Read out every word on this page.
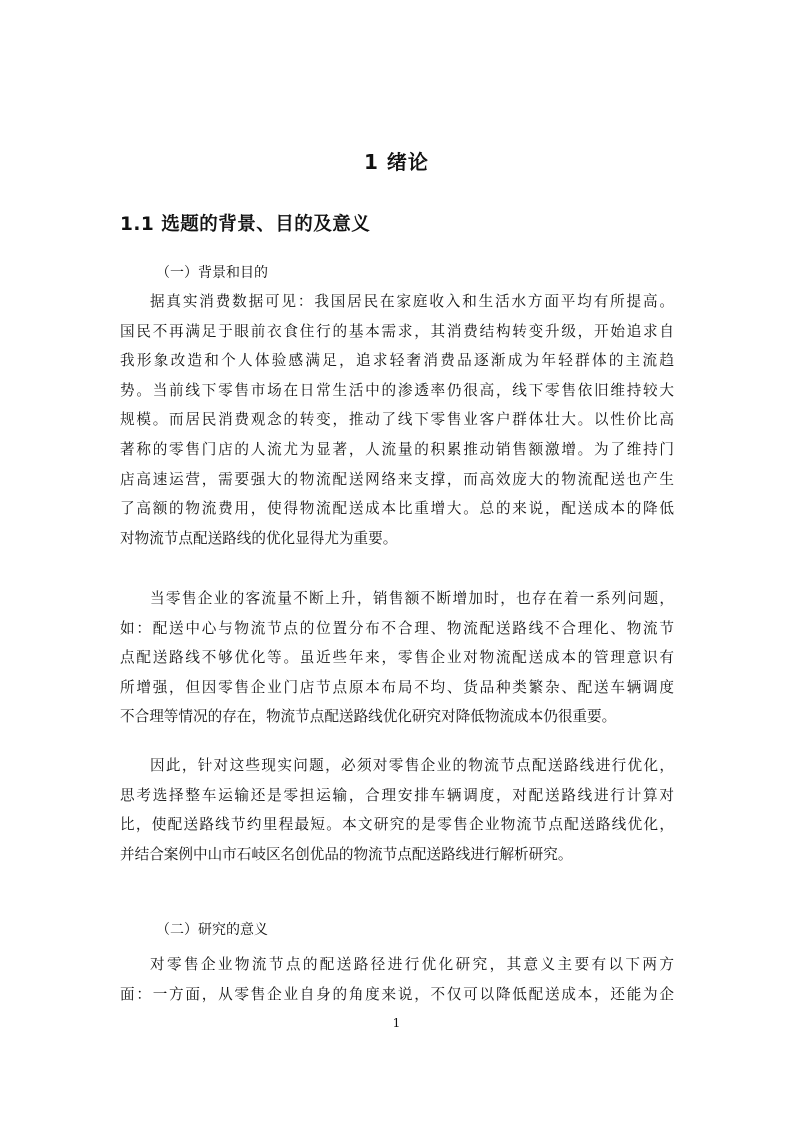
1 绪论
1.1 选题的背景、目的及意义
（一）背景和目的
据真实消费数据可见：我国居民在家庭收入和生活水方面平均有所提高。
国民不再满足于眼前衣食住行的基本需求，其消费结构转变升级，开始追求自
我形象改造和个人体验感满足，追求轻奢消费品逐渐成为年轻群体的主流趋
势。当前线下零售市场在日常生活中的渗透率仍很高，线下零售依旧维持较大
规模。而居民消费观念的转变，推动了线下零售业客户群体壮大。以性价比高
著称的零售门店的人流尤为显著，人流量的积累推动销售额激增。为了维持门
店高速运营，需要强大的物流配送网络来支撑，而高效庞大的物流配送也产生
了高额的物流费用，使得物流配送成本比重增大。总的来说，配送成本的降低
对物流节点配送路线的优化显得尤为重要。
当零售企业的客流量不断上升，销售额不断增加时，也存在着一系列问题，
如：配送中心与物流节点的位置分布不合理、物流配送路线不合理化、物流节
点配送路线不够优化等。虽近些年来，零售企业对物流配送成本的管理意识有
所增强，但因零售企业门店节点原本布局不均、货品种类繁杂、配送车辆调度
不合理等情况的存在，物流节点配送路线优化研究对降低物流成本仍很重要。
因此，针对这些现实问题，必须对零售企业的物流节点配送路线进行优化，
思考选择整车运输还是零担运输，合理安排车辆调度，对配送路线进行计算对
比，使配送路线节约里程最短。本文研究的是零售企业物流节点配送路线优化，
并结合案例中山市石岐区名创优品的物流节点配送路线进行解析研究。
（二）研究的意义
对零售企业物流节点的配送路径进行优化研究，其意义主要有以下两方
面：一方面，从零售企业自身的角度来说，不仅可以降低配送成本，还能为企
1
